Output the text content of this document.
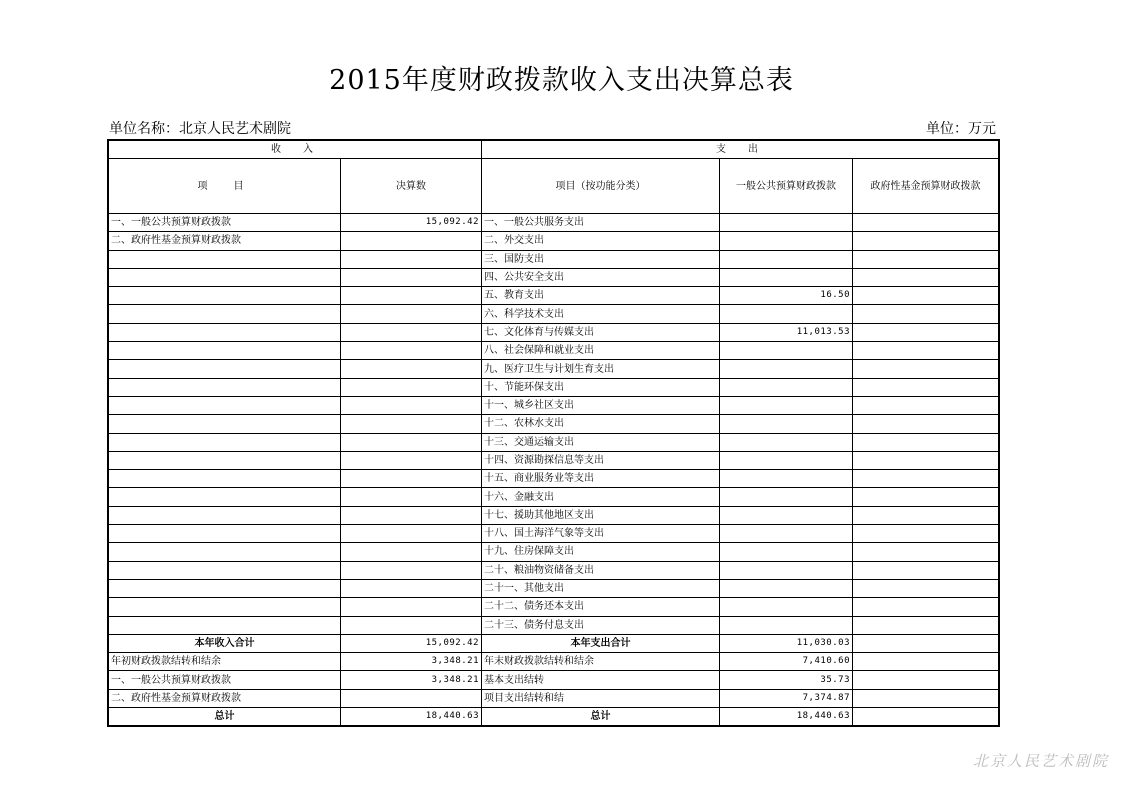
2015年度财政拨款收入支出决算总表
单位名称：北京人民艺术剧院	单位：万元
收　入		支　出		
项　目	决算数	项目（按功能分类）	一般公共预算财政拨款	政府性基金预算财政拨款
一、一般公共预算财政拨款	15,092.42	一、一般公共服务支出		
二、政府性基金预算财政拨款		二、外交支出		
		三、国防支出		
		四、公共安全支出		
		五、教育支出	16.50	
		六、科学技术支出		
		七、文化体育与传媒支出	11,013.53	
		八、社会保障和就业支出		
		九、医疗卫生与计划生育支出		
		十、节能环保支出		
		十一、城乡社区支出		
		十二、农林水支出		
		十三、交通运输支出		
		十四、资源勘探信息等支出		
		十五、商业服务业等支出		
		十六、金融支出		
		十七、援助其他地区支出		
		十八、国土海洋气象等支出		
		十九、住房保障支出		
		二十、粮油物资储备支出		
		二十一、其他支出		
		二十二、债务还本支出		
		二十三、债务付息支出		
本年收入合计	15,092.42	本年支出合计	11,030.03	
年初财政拨款结转和结余	3,348.21	年末财政拨款结转和结余	7,410.60	
一、一般公共预算财政拨款	3,348.21	基本支出结转	35.73	
二、政府性基金预算财政拨款		项目支出结转和结	7,374.87	
总计	18,440.63	总计	18,440.63	
北京人民艺术剧院
